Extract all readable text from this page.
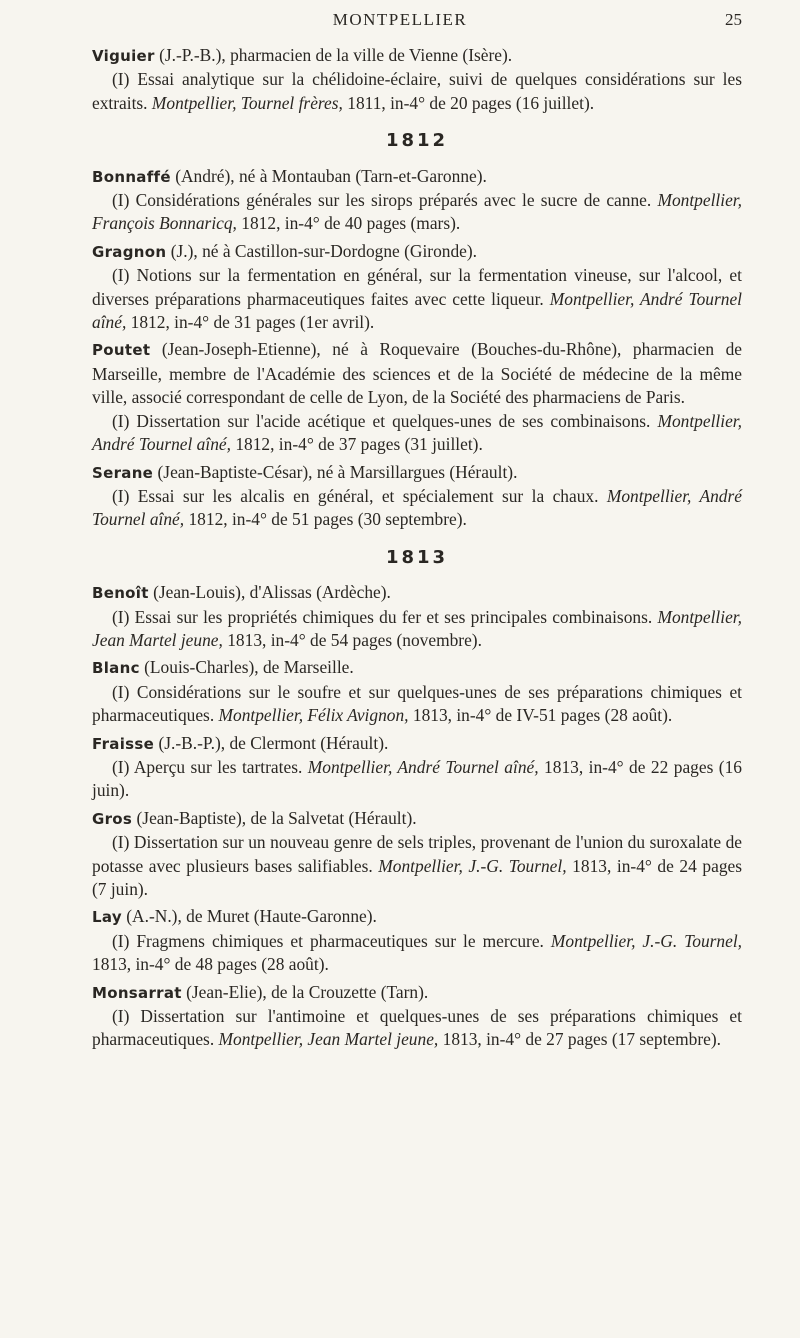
MONTPELLIER	25

Viguier (J.-P.-B.), pharmacien de la ville de Vienne (Isère).

(I) Essai analytique sur la chélidoine-éclaire, suivi de quelques considérations sur les extraits. Montpellier, Tournel frères, 1811, in-4° de 20 pages (16 juillet).

1812

Bonnaffé (André), né à Montauban (Tarn-et-Garonne).

(I) Considérations générales sur les sirops préparés avec le sucre de canne. Montpellier, François Bonnaricq, 1812, in-4° de 40 pages (mars).

Gragnon (J.), né à Castillon-sur-Dordogne (Gironde).

(I) Notions sur la fermentation en général, sur la fermentation vineuse, sur l'alcool, et diverses préparations pharmaceutiques faites avec cette liqueur. Montpellier, André Tournel aîné, 1812, in-4° de 31 pages (1er avril).

Poutet (Jean-Joseph-Etienne), né à Roquevaire (Bouches-du-Rhône), pharmacien de Marseille, membre de l'Académie des sciences et de la Société de médecine de la même ville, associé correspondant de celle de Lyon, de la Société des pharmaciens de Paris.

(I) Dissertation sur l'acide acétique et quelques-unes de ses combinaisons. Montpellier, André Tournel aîné, 1812, in-4° de 37 pages (31 juillet).

Serane (Jean-Baptiste-César), né à Marsillargues (Hérault).

(I) Essai sur les alcalis en général, et spécialement sur la chaux. Montpellier, André Tournel aîné, 1812, in-4° de 51 pages (30 septembre).

1813

Benoît (Jean-Louis), d'Alissas (Ardèche).

(I) Essai sur les propriétés chimiques du fer et ses principales combinaisons. Montpellier, Jean Martel jeune, 1813, in-4° de 54 pages (novembre).

Blanc (Louis-Charles), de Marseille.

(I) Considérations sur le soufre et sur quelques-unes de ses préparations chimiques et pharmaceutiques. Montpellier, Félix Avignon, 1813, in-4° de IV-51 pages (28 août).

Fraisse (J.-B.-P.), de Clermont (Hérault).

(I) Aperçu sur les tartrates. Montpellier, André Tournel aîné, 1813, in-4° de 22 pages (16 juin).

Gros (Jean-Baptiste), de la Salvetat (Hérault).

(I) Dissertation sur un nouveau genre de sels triples, provenant de l'union du suroxalate de potasse avec plusieurs bases salifiables. Montpellier, J.-G. Tournel, 1813, in-4° de 24 pages (7 juin).

Lay (A.-N.), de Muret (Haute-Garonne).

(I) Fragmens chimiques et pharmaceutiques sur le mercure. Montpellier, J.-G. Tournel, 1813, in-4° de 48 pages (28 août).

Monsarrat (Jean-Elie), de la Crouzette (Tarn).

(I) Dissertation sur l'antimoine et quelques-unes de ses préparations chimiques et pharmaceutiques. Montpellier, Jean Martel jeune, 1813, in-4° de 27 pages (17 septembre).
